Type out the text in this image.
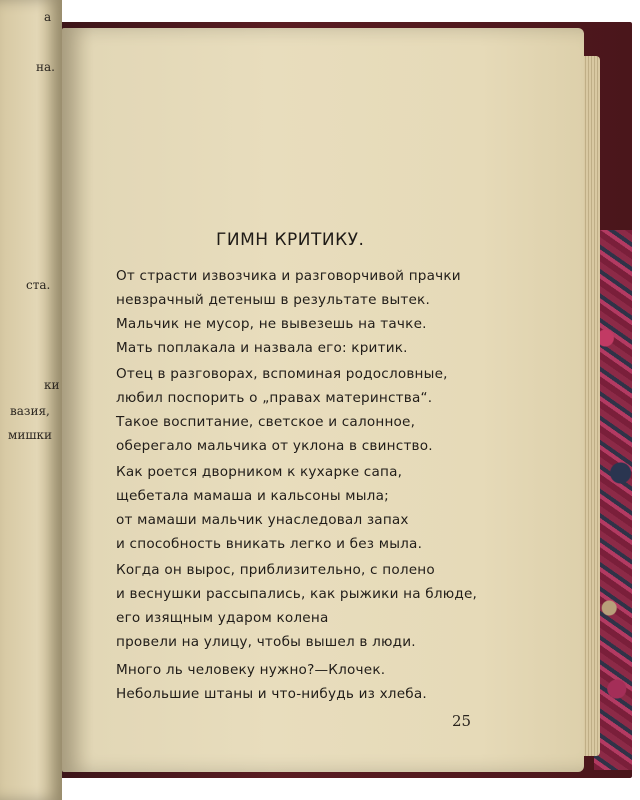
а
на.
ста.
ки
вазия,
мишки
ГИМН КРИТИКУ.
От страсти извозчика и разговорчивой прачки
невзрачный детеныш в результате вытек.
Мальчик не мусор, не вывезешь на тачке.
Мать поплакала и назвала его: критик.
Отец в разговорах, вспоминая родословные,
любил поспорить о „правах материнства“.
Такое воспитание, светское и салонное,
оберегало мальчика от уклона в свинство.
Как роется дворником к кухарке сапа,
щебетала мамаша и кальсоны мыла;
от мамаши мальчик унаследовал запах
и способность вникать легко и без мыла.
Когда он вырос, приблизительно, с полено
и веснушки рассыпались, как рыжики на блюде,
его изящным ударом колена
провели на улицу, чтобы вышел в люди.
Много ль человеку нужно?—Клочек.
Небольшие штаны и что-нибудь из хлеба.
25
